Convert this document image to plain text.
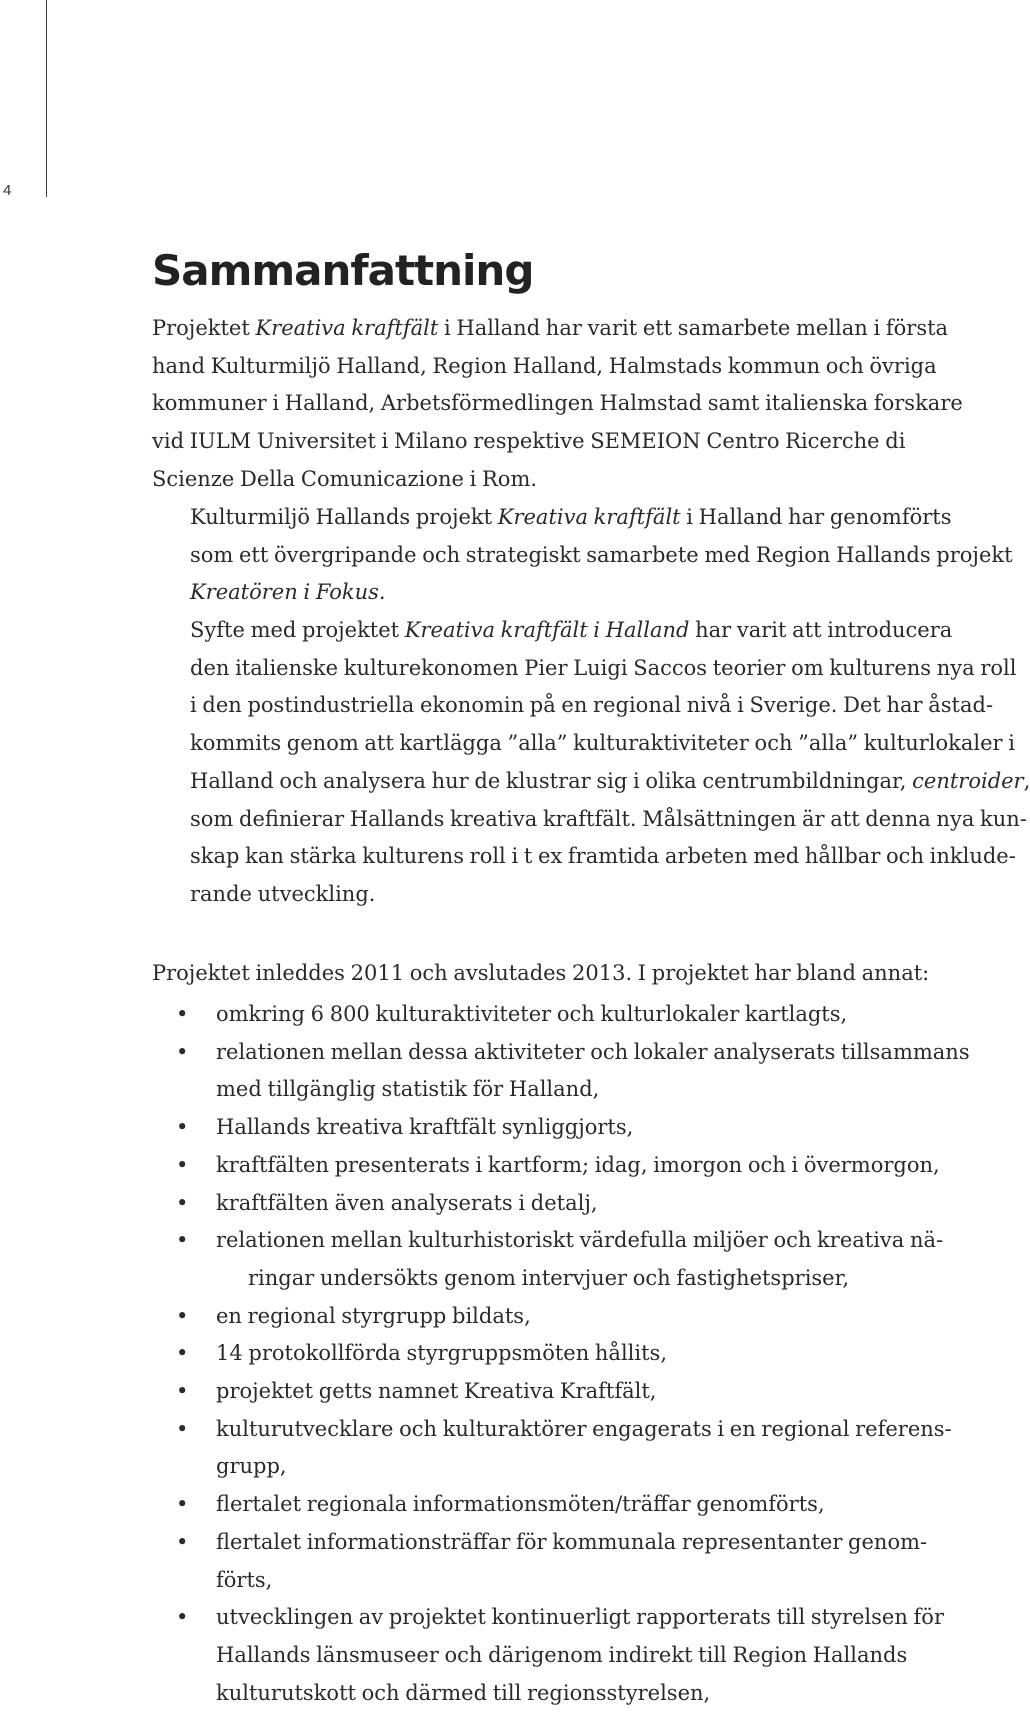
4
Sammanfattning
Projektet Kreativa kraftfält i Halland har varit ett samarbete mellan i första
hand Kulturmiljö Halland, Region Halland, Halmstads kommun och övriga
kommuner i Halland, Arbetsförmedlingen Halmstad samt italienska forskare
vid IULM Universitet i Milano respektive SEMEION Centro Ricerche di
Scienze Della Comunicazione i Rom.
Kulturmiljö Hallands projekt Kreativa kraftfält i Halland har genomförts
som ett övergripande och strategiskt samarbete med Region Hallands projekt
Kreatören i Fokus.
Syfte med projektet Kreativa kraftfält i Halland har varit att introducera
den italienske kulturekonomen Pier Luigi Saccos teorier om kulturens nya roll
i den postindustriella ekonomin på en regional nivå i Sverige. Det har åstad-
kommits genom att kartlägga ”alla” kulturaktiviteter och ”alla” kulturlokaler i
Halland och analysera hur de klustrar sig i olika centrumbildningar, centroider,
som definierar Hallands kreativa kraftfält. Målsättningen är att denna nya kun-
skap kan stärka kulturens roll i t ex framtida arbeten med hållbar och inklude-
rande utveckling.
Projektet inleddes 2011 och avslutades 2013. I projektet har bland annat:
• omkring 6 800 kulturaktiviteter och kulturlokaler kartlagts,
• relationen mellan dessa aktiviteter och lokaler analyserats tillsammans
med tillgänglig statistik för Halland,
• Hallands kreativa kraftfält synliggjorts,
• kraftfälten presenterats i kartform; idag, imorgon och i övermorgon,
• kraftfälten även analyserats i detalj,
• relationen mellan kulturhistoriskt värdefulla miljöer och kreativa nä-
ringar undersökts genom intervjuer och fastighetspriser,
• en regional styrgrupp bildats,
• 14 protokollförda styrgruppsmöten hållits,
• projektet getts namnet Kreativa Kraftfält,
• kulturutvecklare och kulturaktörer engagerats i en regional referens-
grupp,
• flertalet regionala informationsmöten/träffar genomförts,
• flertalet informationsträffar för kommunala representanter genom-
förts,
• utvecklingen av projektet kontinuerligt rapporterats till styrelsen för
Hallands länsmuseer och därigenom indirekt till Region Hallands
kulturutskott och därmed till regionsstyrelsen,
